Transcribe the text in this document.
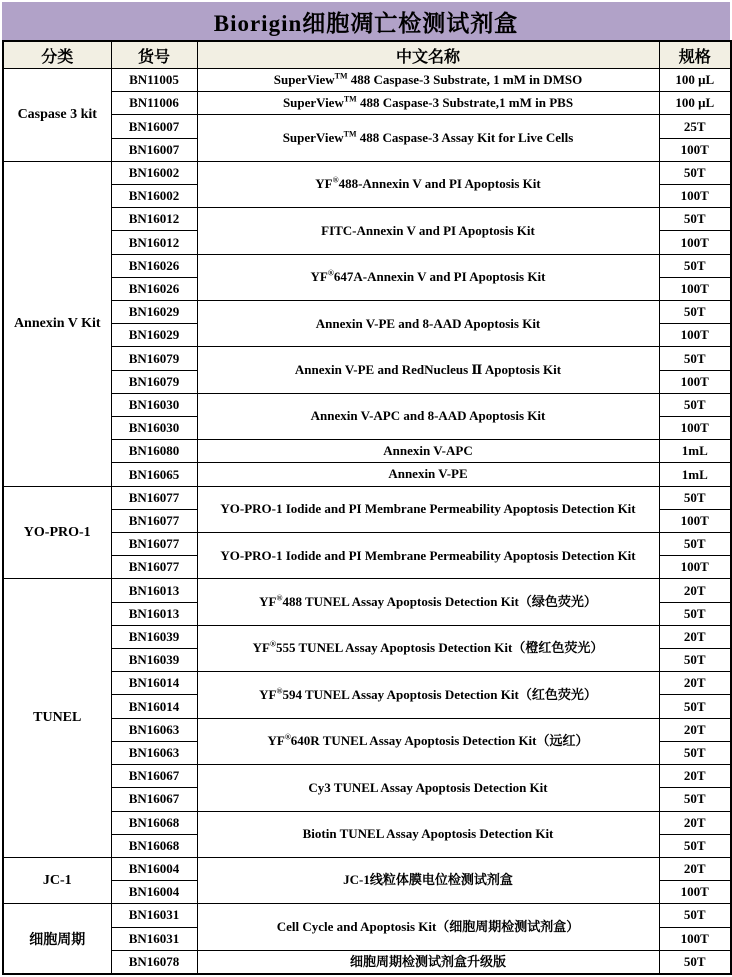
Biorigin细胞凋亡检测试剂盒
分类	货号	中文名称	规格
Caspase 3 kit	BN11005	SuperView™ 488 Caspase-3 Substrate, 1 mM in DMSO	100 μL
	BN11006	SuperView™ 488 Caspase-3 Substrate,1 mM in PBS	100 μL
	BN16007	SuperView™ 488 Caspase-3 Assay Kit for Live Cells	25T
	BN16007		100T
Annexin V Kit	BN16002	YF®488-Annexin V and PI Apoptosis Kit	50T
	BN16002		100T
	BN16012	FITC-Annexin V and PI Apoptosis Kit	50T
	BN16012		100T
	BN16026	YF®647A-Annexin V and PI Apoptosis Kit	50T
	BN16026		100T
	BN16029	Annexin V-PE and 8-AAD Apoptosis Kit	50T
	BN16029		100T
	BN16079	Annexin V-PE and RedNucleus Ⅱ Apoptosis Kit	50T
	BN16079		100T
	BN16030	Annexin V-APC and 8-AAD Apoptosis Kit	50T
	BN16030		100T
	BN16080	Annexin V-APC	1mL
	BN16065	Annexin V-PE	1mL
YO-PRO-1	BN16077	YO-PRO-1 Iodide and PI Membrane Permeability Apoptosis Detection Kit	50T
	BN16077		100T
	BN16077	YO-PRO-1 Iodide and PI Membrane Permeability Apoptosis Detection Kit	50T
	BN16077		100T
TUNEL	BN16013	YF®488 TUNEL Assay Apoptosis Detection Kit（绿色荧光）	20T
	BN16013		50T
	BN16039	YF®555 TUNEL Assay Apoptosis Detection Kit（橙红色荧光）	20T
	BN16039		50T
	BN16014	YF®594 TUNEL Assay Apoptosis Detection Kit（红色荧光）	20T
	BN16014		50T
	BN16063	YF®640R TUNEL Assay Apoptosis Detection Kit（远红）	20T
	BN16063		50T
	BN16067	Cy3 TUNEL Assay Apoptosis Detection Kit	20T
	BN16067		50T
	BN16068	Biotin TUNEL Assay Apoptosis Detection Kit	20T
	BN16068		50T
JC-1	BN16004	JC-1线粒体膜电位检测试剂盒	20T
	BN16004		100T
细胞周期	BN16031	Cell Cycle and Apoptosis Kit（细胞周期检测试剂盒）	50T
	BN16031		100T
	BN16078	细胞周期检测试剂盒升级版	50T
